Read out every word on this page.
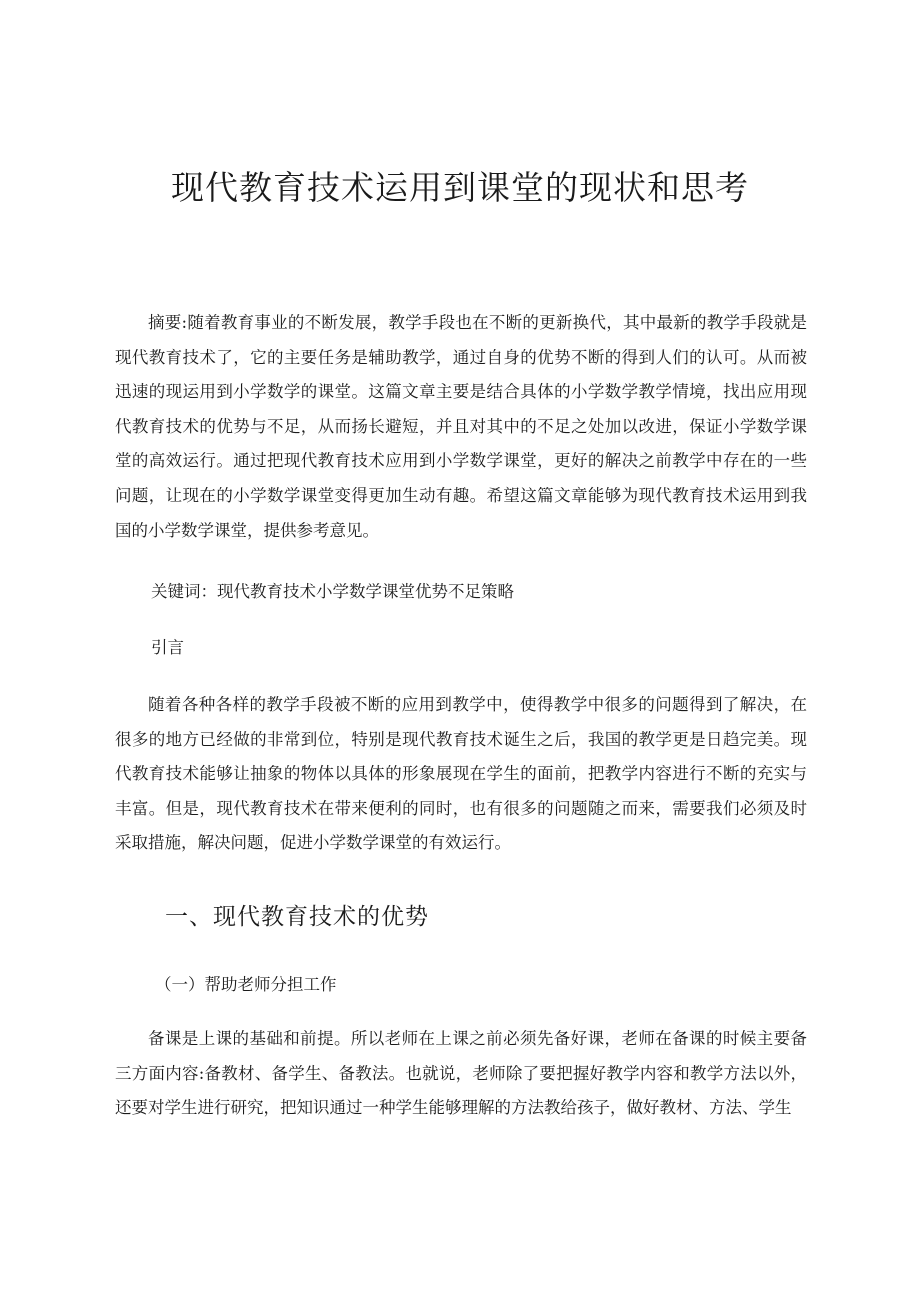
现代教育技术运用到课堂的现状和思考

摘要:随着教育事业的不断发展，教学手段也在不断的更新换代，其中最新的教学手段就是现代教育技术了，它的主要任务是辅助教学，通过自身的优势不断的得到人们的认可。从而被迅速的现运用到小学数学的课堂。这篇文章主要是结合具体的小学数学教学情境，找出应用现代教育技术的优势与不足，从而扬长避短，并且对其中的不足之处加以改进，保证小学数学课堂的高效运行。通过把现代教育技术应用到小学数学课堂，更好的解决之前教学中存在的一些问题，让现在的小学数学课堂变得更加生动有趣。希望这篇文章能够为现代教育技术运用到我国的小学数学课堂，提供参考意见。

关键词：现代教育技术小学数学课堂优势不足策略

引言

随着各种各样的教学手段被不断的应用到教学中，使得教学中很多的问题得到了解决，在很多的地方已经做的非常到位，特别是现代教育技术诞生之后，我国的教学更是日趋完美。现代教育技术能够让抽象的物体以具体的形象展现在学生的面前，把教学内容进行不断的充实与丰富。但是，现代教育技术在带来便利的同时，也有很多的问题随之而来，需要我们必须及时采取措施，解决问题，促进小学数学课堂的有效运行。

一、现代教育技术的优势

（一）帮助老师分担工作

备课是上课的基础和前提。所以老师在上课之前必须先备好课，老师在备课的时候主要备三方面内容:备教材、备学生、备教法。也就说，老师除了要把握好教学内容和教学方法以外，还要对学生进行研究，把知识通过一种学生能够理解的方法教给孩子，做好教材、方法、学生
